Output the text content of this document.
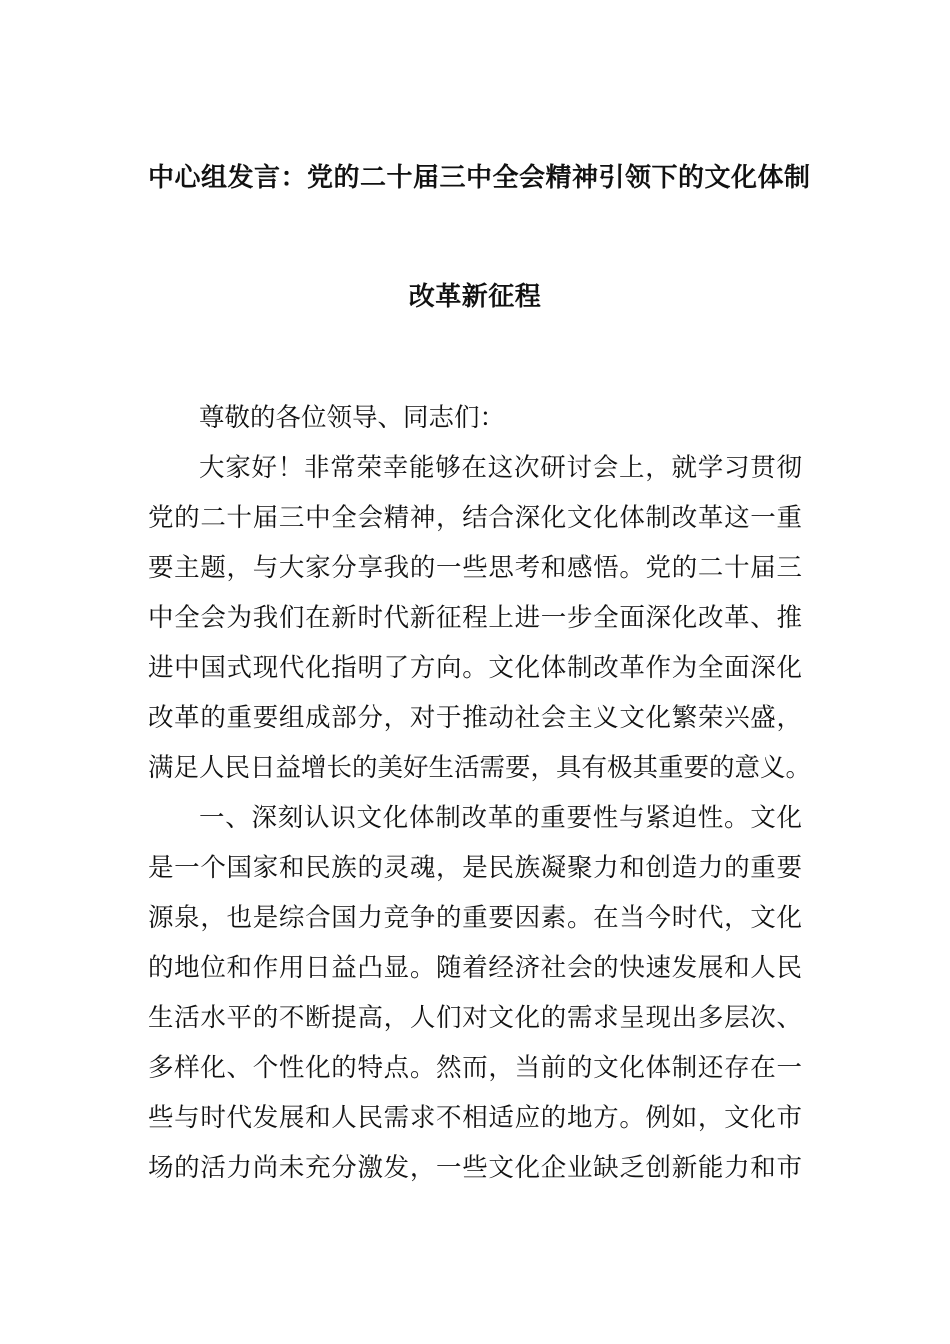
中心组发言：党的二十届三中全会精神引领下的文化体制
改革新征程
尊敬的各位领导、同志们：
大家好！非常荣幸能够在这次研讨会上，就学习贯彻
党的二十届三中全会精神，结合深化文化体制改革这一重
要主题，与大家分享我的一些思考和感悟。党的二十届三
中全会为我们在新时代新征程上进一步全面深化改革、推
进中国式现代化指明了方向。文化体制改革作为全面深化
改革的重要组成部分，对于推动社会主义文化繁荣兴盛，
满足人民日益增长的美好生活需要，具有极其重要的意义。
一、深刻认识文化体制改革的重要性与紧迫性。文化
是一个国家和民族的灵魂，是民族凝聚力和创造力的重要
源泉，也是综合国力竞争的重要因素。在当今时代，文化
的地位和作用日益凸显。随着经济社会的快速发展和人民
生活水平的不断提高，人们对文化的需求呈现出多层次、
多样化、个性化的特点。然而，当前的文化体制还存在一
些与时代发展和人民需求不相适应的地方。例如，文化市
场的活力尚未充分激发，一些文化企业缺乏创新能力和市
